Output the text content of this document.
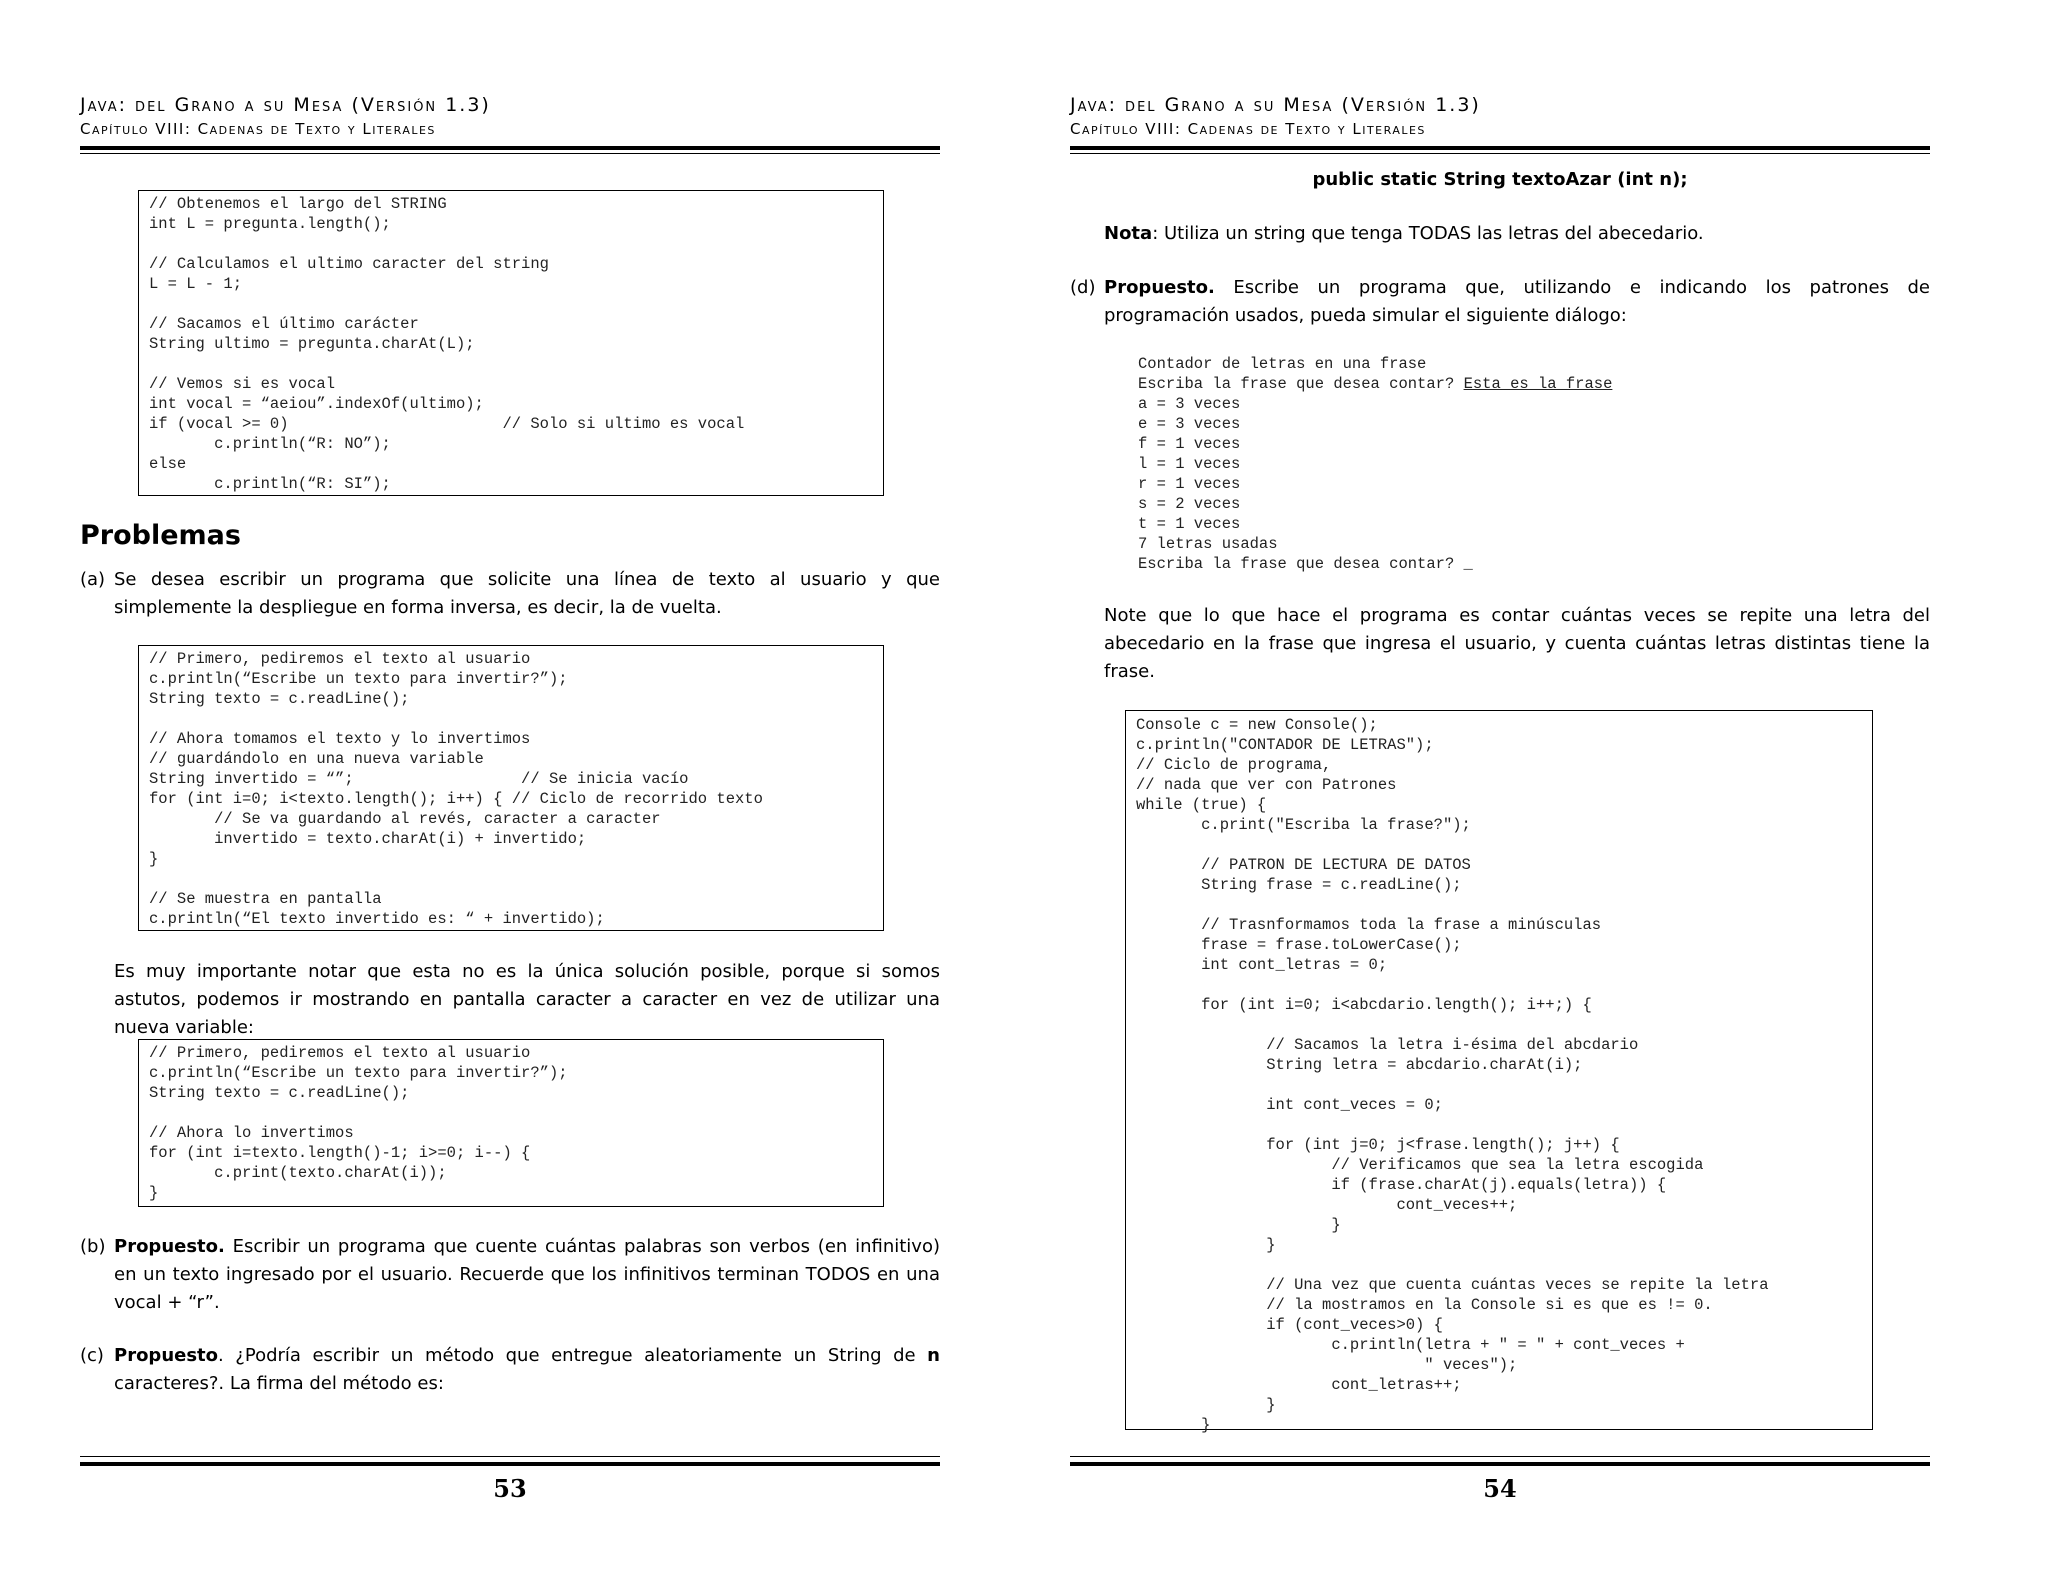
Java: del Grano a su Mesa (Versión 1.3)
Capítulo VIII: Cadenas de Texto y Literales
// Obtenemos el largo del STRING
int L = pregunta.length();

// Calculamos el ultimo caracter del string
L = L - 1;

// Sacamos el último carácter
String ultimo = pregunta.charAt(L);

// Vemos si es vocal
int vocal = “aeiou”.indexOf(ultimo);
if (vocal >= 0)                       // Solo si ultimo es vocal
c.println(“R: NO”);
else
c.println(“R: SI”);
Problemas
(a) Se desea escribir un programa que solicite una línea de texto al usuario y que simplemente la despliegue en forma inversa, es decir, la de vuelta.
// Primero, pediremos el texto al usuario
c.println(“Escribe un texto para invertir?”);
String texto = c.readLine();

// Ahora tomamos el texto y lo invertimos
// guardándolo en una nueva variable
String invertido = “”;                  // Se inicia vacío
for (int i=0; i<texto.length(); i++) { // Ciclo de recorrido texto
// Se va guardando al revés, caracter a caracter
invertido = texto.charAt(i) + invertido;
}

// Se muestra en pantalla
c.println(“El texto invertido es: “ + invertido);
Es muy importante notar que esta no es la única solución posible, porque si somos astutos, podemos ir mostrando en pantalla caracter a caracter en vez de utilizar una nueva variable:
// Primero, pediremos el texto al usuario
c.println(“Escribe un texto para invertir?”);
String texto = c.readLine();

// Ahora lo invertimos
for (int i=texto.length()-1; i>=0; i--) {
c.print(texto.charAt(i));
}
(b) Propuesto. Escribir un programa que cuente cuántas palabras son verbos (en infinitivo) en un texto ingresado por el usuario. Recuerde que los infinitivos terminan TODOS en una vocal + “r”.
(c) Propuesto. ¿Podría escribir un método que entregue aleatoriamente un String de n caracteres?. La firma del método es:
53
Java: del Grano a su Mesa (Versión 1.3)
Capítulo VIII: Cadenas de Texto y Literales
public static String textoAzar (int n);
Nota: Utiliza un string que tenga TODAS las letras del abecedario.
(d) Propuesto. Escribe un programa que, utilizando e indicando los patrones de programación usados, pueda simular el siguiente diálogo:
Contador de letras en una frase
Escriba la frase que desea contar? Esta es la frase
a = 3 veces
e = 3 veces
f = 1 veces
l = 1 veces
r = 1 veces
s = 2 veces
t = 1 veces
7 letras usadas
Escriba la frase que desea contar? _
Note que lo que hace el programa es contar cuántas veces se repite una letra del abecedario en la frase que ingresa el usuario, y cuenta cuántas letras distintas tiene la frase.
Console c = new Console();
c.println("CONTADOR DE LETRAS");
// Ciclo de programa,
// nada que ver con Patrones
while (true) {
c.print("Escriba la frase?");

// PATRON DE LECTURA DE DATOS
String frase = c.readLine();

// Trasnformamos toda la frase a minúsculas
frase = frase.toLowerCase();
int cont_letras = 0;

for (int i=0; i<abcdario.length(); i++;) {

// Sacamos la letra i-ésima del abcdario
String letra = abcdario.charAt(i);

int cont_veces = 0;

for (int j=0; j<frase.length(); j++) {
// Verificamos que sea la letra escogida
if (frase.charAt(j).equals(letra)) {
cont_veces++;
}
}

// Una vez que cuenta cuántas veces se repite la letra
// la mostramos en la Console si es que es != 0.
if (cont_veces>0) {
c.println(letra + " = " + cont_veces +
" veces");
cont_letras++;
}
}
54
